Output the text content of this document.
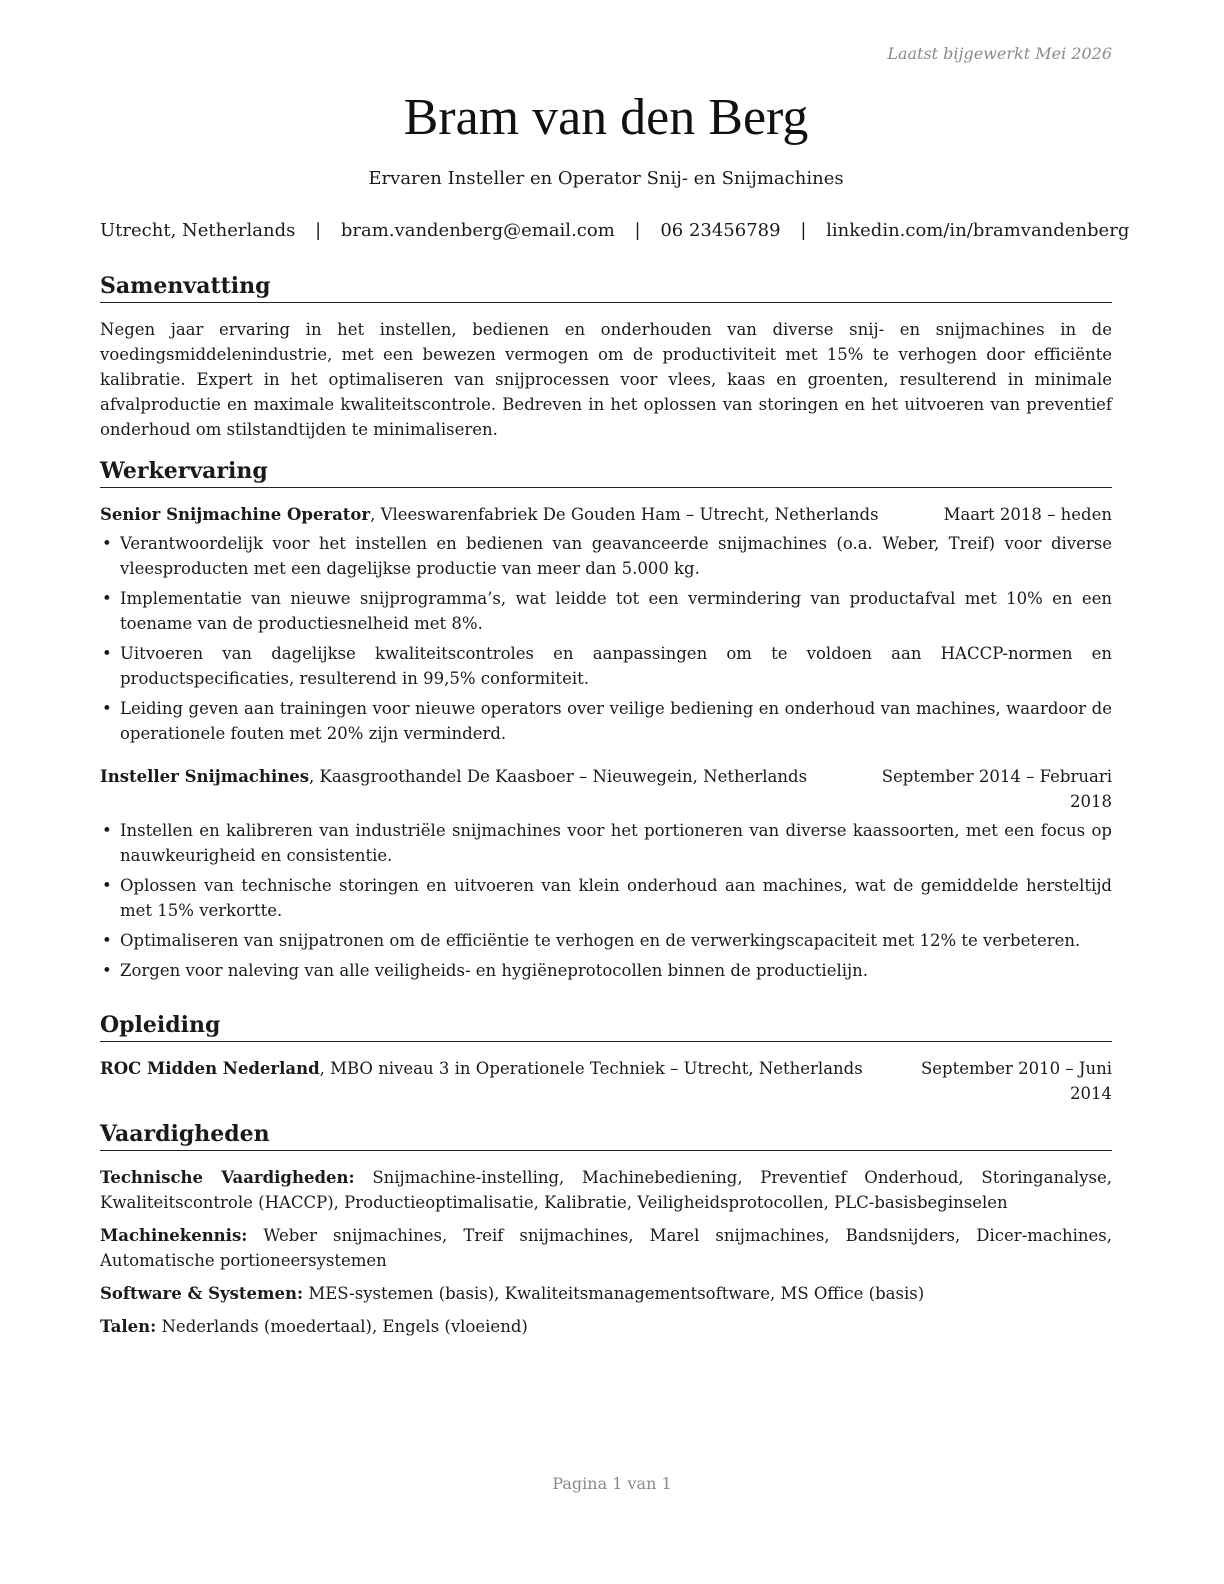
Laatst bijgewerkt Mei 2026
Bram van den Berg
Ervaren Insteller en Operator Snij- en Snijmachines
Utrecht, Netherlands | bram.vandenberg@email.com | 06 23456789 | linkedin.com/in/bramvandenberg
Samenvatting
Negen jaar ervaring in het instellen, bedienen en onderhouden van diverse snij- en snijmachines in de voedingsmiddelenindustrie, met een bewezen vermogen om de productiviteit met 15% te verhogen door efficiënte kalibratie. Expert in het optimaliseren van snijprocessen voor vlees, kaas en groenten, resulterend in minimale afvalproductie en maximale kwaliteitscontrole. Bedreven in het oplossen van storingen en het uitvoeren van preventief onderhoud om stilstandtijden te minimaliseren.
Werkervaring
Senior Snijmachine Operator, Vleeswarenfabriek De Gouden Ham – Utrecht, Netherlands	Maart 2018 – heden
• Verantwoordelijk voor het instellen en bedienen van geavanceerde snijmachines (o.a. Weber, Treif) voor diverse vleesproducten met een dagelijkse productie van meer dan 5.000 kg.
• Implementatie van nieuwe snijprogramma’s, wat leidde tot een vermindering van productafval met 10% en een toename van de productiesnelheid met 8%.
• Uitvoeren van dagelijkse kwaliteitscontroles en aanpassingen om te voldoen aan HACCP-normen en productspecificaties, resulterend in 99,5% conformiteit.
• Leiding geven aan trainingen voor nieuwe operators over veilige bediening en onderhoud van machines, waardoor de operationele fouten met 20% zijn verminderd.
Insteller Snijmachines, Kaasgroothandel De Kaasboer – Nieuwegein, Netherlands	September 2014 – Februari 2018
• Instellen en kalibreren van industriële snijmachines voor het portioneren van diverse kaassoorten, met een focus op nauwkeurigheid en consistentie.
• Oplossen van technische storingen en uitvoeren van klein onderhoud aan machines, wat de gemiddelde hersteltijd met 15% verkortte.
• Optimaliseren van snijpatronen om de efficiëntie te verhogen en de verwerkingscapaciteit met 12% te verbeteren.
• Zorgen voor naleving van alle veiligheids- en hygiëneprotocollen binnen de productielijn.
Opleiding
ROC Midden Nederland, MBO niveau 3 in Operationele Techniek – Utrecht, Netherlands	September 2010 – Juni 2014
Vaardigheden
Technische Vaardigheden: Snijmachine-instelling, Machinebediening, Preventief Onderhoud, Storinganalyse, Kwaliteitscontrole (HACCP), Productieoptimalisatie, Kalibratie, Veiligheidsprotocollen, PLC-basisbeginselen
Machinekennis: Weber snijmachines, Treif snijmachines, Marel snijmachines, Bandsnijders, Dicer-machines, Automatische portioneersystemen
Software & Systemen: MES-systemen (basis), Kwaliteitsmanagementsoftware, MS Office (basis)
Talen: Nederlands (moedertaal), Engels (vloeiend)
Pagina 1 van 1
